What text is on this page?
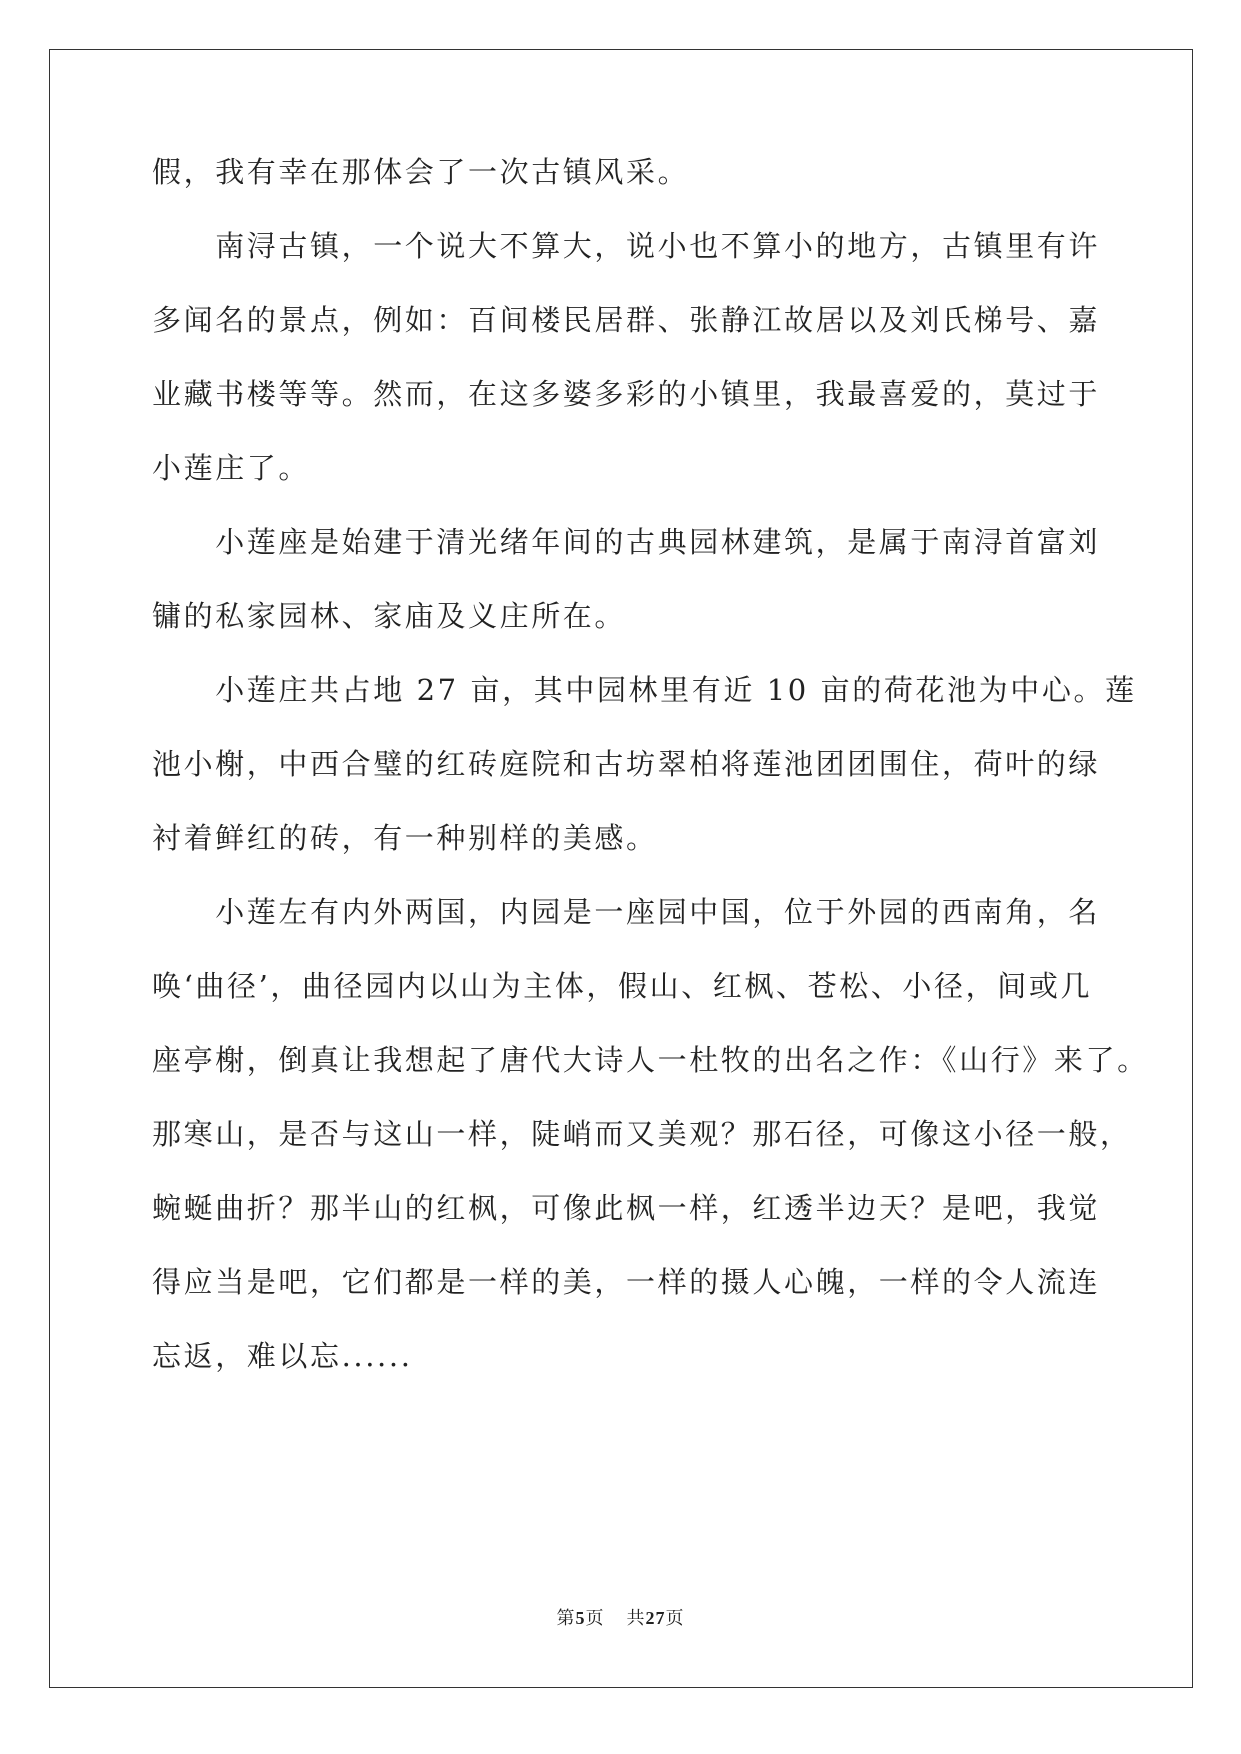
假，我有幸在那体会了一次古镇风采。
　　南浔古镇，一个说大不算大，说小也不算小的地方，古镇里有许
多闻名的景点，例如：百间楼民居群、张静江故居以及刘氏梯号、嘉
业藏书楼等等。然而，在这多婆多彩的小镇里，我最喜爱的，莫过于
小莲庄了。
　　小莲座是始建于清光绪年间的古典园林建筑，是属于南浔首富刘
镛的私家园林、家庙及义庄所在。
　　小莲庄共占地 27 亩，其中园林里有近 10 亩的荷花池为中心。莲
池小榭，中西合璧的红砖庭院和古坊翠柏将莲池团团围住，荷叶的绿
衬着鲜红的砖，有一种别样的美感。
　　小莲左有内外两国，内园是一座园中国，位于外园的西南角，名
唤‘曲径’，曲径园内以山为主体，假山、红枫、苍松、小径，间或几
座亭榭，倒真让我想起了唐代大诗人一杜牧的出名之作：《山行》来了。
那寒山，是否与这山一样，陡峭而又美观？那石径，可像这小径一般，
蜿蜒曲折？那半山的红枫，可像此枫一样，红透半边天？是吧，我觉
得应当是吧，它们都是一样的美，一样的摄人心魄，一样的令人流连
忘返，难以忘......
第5页 共27页
